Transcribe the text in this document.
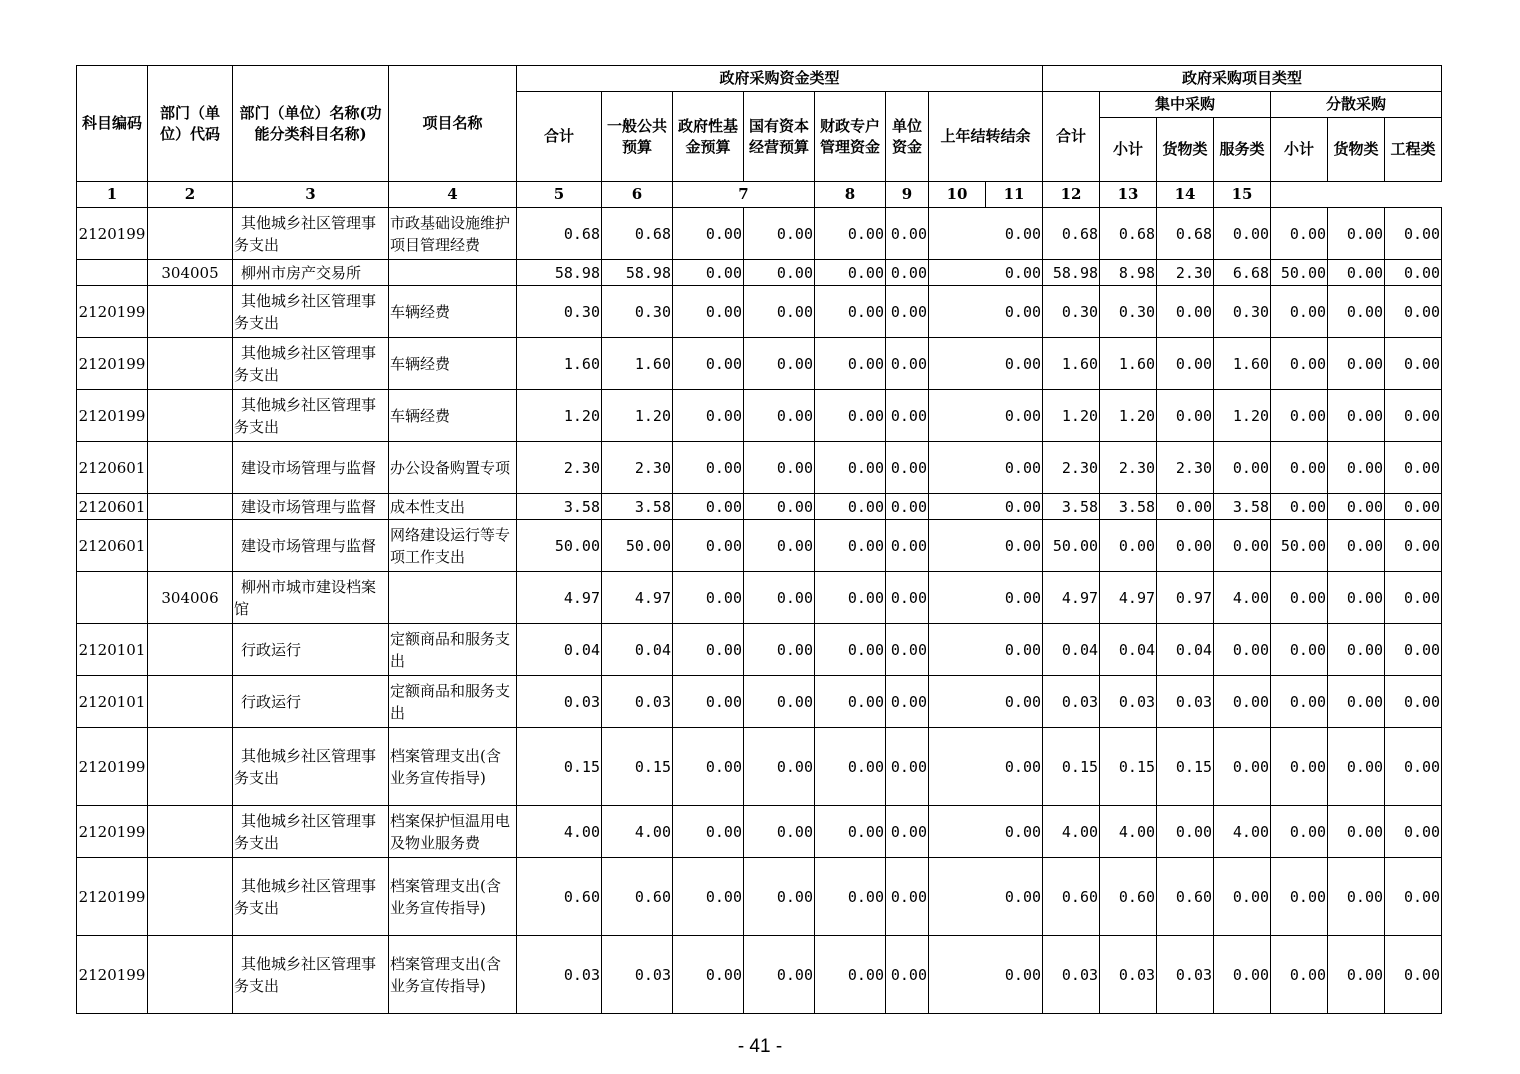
科目编码	部门（单位）代码	部门（单位）名称(功能分类科目名称)	项目名称	政府采购资金类型								政府采购项目类型							
				合计	一般公共预算	政府性基金预算	国有资本经营预算	财政专户管理资金	单位资金	上年结转结余		合计	集中采购			分散采购			
													小计	货物类	服务类	小计	货物类	工程类	
1	2	3	4	5	6	7		8	9	10	11	12	13	14	15				
2120199		其他城乡社区管理事务支出	市政基础设施维护项目管理经费	0.68	0.68	0.00	0.00	0.00	0.00	0.00		0.68	0.68	0.68	0.00	0.00	0.00	0.00	
	304005	柳州市房产交易所		58.98	58.98	0.00	0.00	0.00	0.00	0.00		58.98	8.98	2.30	6.68	50.00	0.00	0.00	
2120199		其他城乡社区管理事务支出	车辆经费	0.30	0.30	0.00	0.00	0.00	0.00	0.00		0.30	0.30	0.00	0.30	0.00	0.00	0.00	
2120199		其他城乡社区管理事务支出	车辆经费	1.60	1.60	0.00	0.00	0.00	0.00	0.00		1.60	1.60	0.00	1.60	0.00	0.00	0.00	
2120199		其他城乡社区管理事务支出	车辆经费	1.20	1.20	0.00	0.00	0.00	0.00	0.00		1.20	1.20	0.00	1.20	0.00	0.00	0.00	
2120601		建设市场管理与监督	办公设备购置专项	2.30	2.30	0.00	0.00	0.00	0.00	0.00		2.30	2.30	2.30	0.00	0.00	0.00	0.00	
2120601		建设市场管理与监督	成本性支出	3.58	3.58	0.00	0.00	0.00	0.00	0.00		3.58	3.58	0.00	3.58	0.00	0.00	0.00	
2120601		建设市场管理与监督	网络建设运行等专项工作支出	50.00	50.00	0.00	0.00	0.00	0.00	0.00		50.00	0.00	0.00	0.00	50.00	0.00	0.00	
	304006	柳州市城市建设档案馆		4.97	4.97	0.00	0.00	0.00	0.00	0.00		4.97	4.97	0.97	4.00	0.00	0.00	0.00	
2120101		行政运行	定额商品和服务支出	0.04	0.04	0.00	0.00	0.00	0.00	0.00		0.04	0.04	0.04	0.00	0.00	0.00	0.00	
2120101		行政运行	定额商品和服务支出	0.03	0.03	0.00	0.00	0.00	0.00	0.00		0.03	0.03	0.03	0.00	0.00	0.00	0.00	
2120199		其他城乡社区管理事务支出	档案管理支出(含业务宣传指导)	0.15	0.15	0.00	0.00	0.00	0.00	0.00		0.15	0.15	0.15	0.00	0.00	0.00	0.00	
2120199		其他城乡社区管理事务支出	档案保护恒温用电及物业服务费	4.00	4.00	0.00	0.00	0.00	0.00	0.00		4.00	4.00	0.00	4.00	0.00	0.00	0.00	
2120199		其他城乡社区管理事务支出	档案管理支出(含业务宣传指导)	0.60	0.60	0.00	0.00	0.00	0.00	0.00		0.60	0.60	0.60	0.00	0.00	0.00	0.00	
2120199		其他城乡社区管理事务支出	档案管理支出(含业务宣传指导)	0.03	0.03	0.00	0.00	0.00	0.00	0.00		0.03	0.03	0.03	0.00	0.00	0.00	0.00	
- 41 -
